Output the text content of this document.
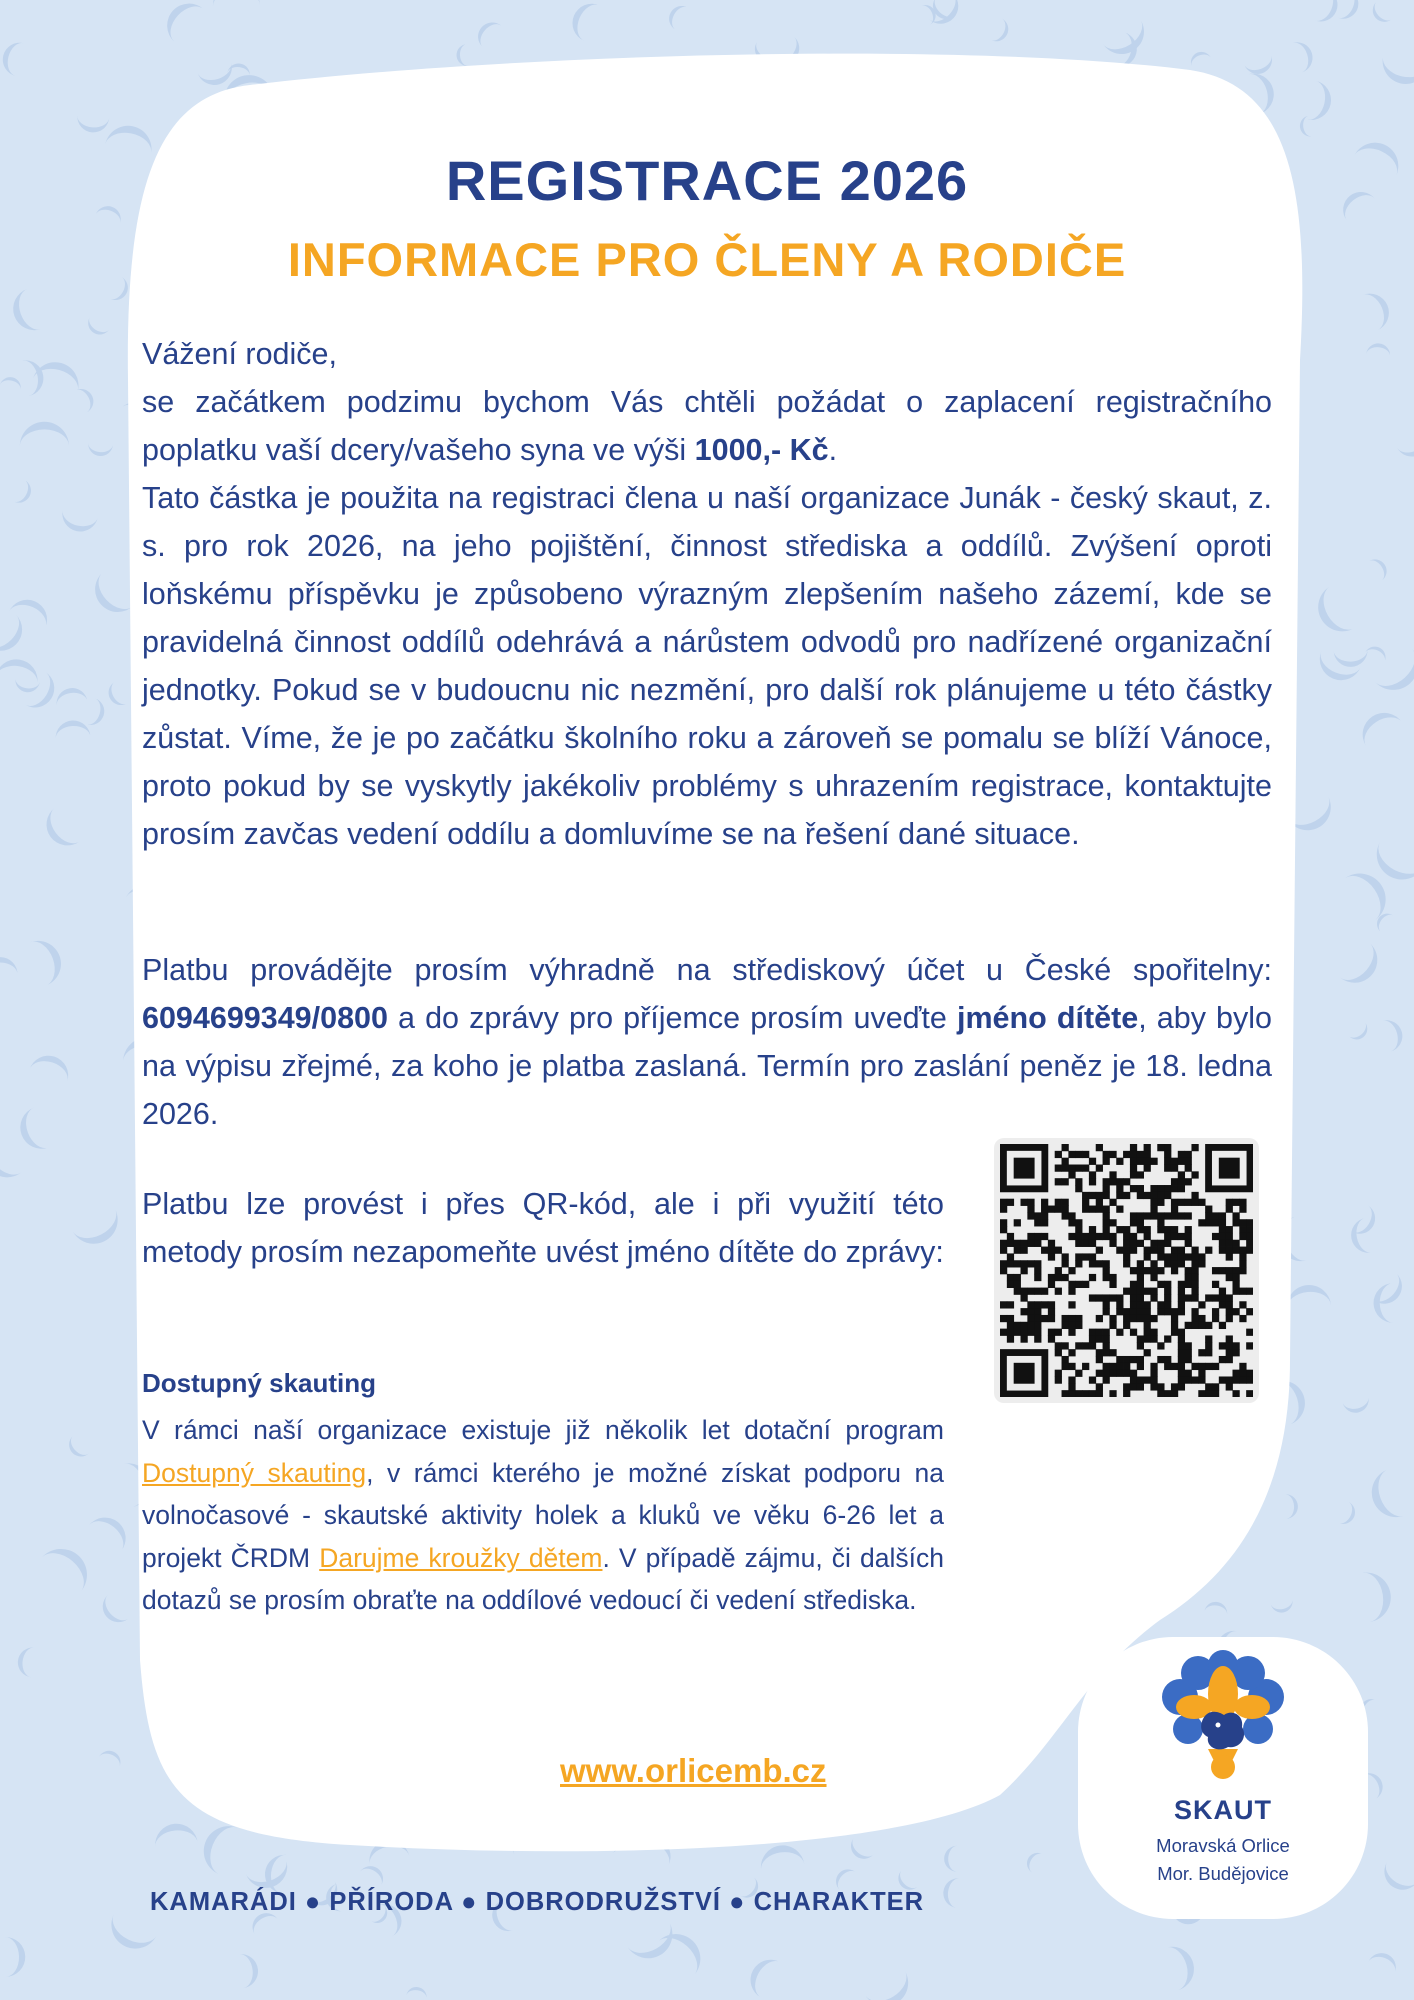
REGISTRACE 2026
INFORMACE PRO ČLENY A RODIČE

Vážení rodiče,

se začátkem podzimu bychom Vás chtěli požádat o zaplacení registračního poplatku vaší dcery/vašeho syna ve výši 1000,- Kč.

Tato částka je použita na registraci člena u naší organizace Junák - český skaut, z. s. pro rok 2026, na jeho pojištění, činnost střediska a oddílů. Zvýšení oproti loňskému příspěvku je způsobeno výrazným zlepšením našeho zázemí, kde se pravidelná činnost oddílů odehrává a nárůstem odvodů pro nadřízené organizační jednotky. Pokud se v budoucnu nic nezmění, pro další rok plánujeme u této částky zůstat. Víme, že je po začátku školního roku a zároveň se pomalu se blíží Vánoce, proto pokud by se vyskytly jakékoliv problémy s uhrazením registrace, kontaktujte prosím zavčas vedení oddílu a domluvíme se na řešení dané situace.

Platbu provádějte prosím výhradně na střediskový účet u České spořitelny: 6094699349/0800 a do zprávy pro příjemce prosím uveďte jméno dítěte, aby bylo na výpisu zřejmé, za koho je platba zaslaná. Termín pro zaslání peněz je 18. ledna 2026.

Platbu lze provést i přes QR-kód, ale i při využití této metody prosím nezapomeňte uvést jméno dítěte do zprávy:

Dostupný skauting

V rámci naší organizace existuje již několik let dotační program Dostupný skauting, v rámci kterého je možné získat podporu na volnočasové - skautské aktivity holek a kluků ve věku 6-26 let a projekt ČRDM Darujme kroužky dětem. V případě zájmu, či dalších dotazů se prosím obraťte na oddílové vedoucí či vedení střediska.

www.orlicemb.cz
SKAUT
Moravská Orlice
Mor. Budějovice
KAMARÁDI ● PŘÍRODA ● DOBRODRUŽSTVÍ ● CHARAKTER
